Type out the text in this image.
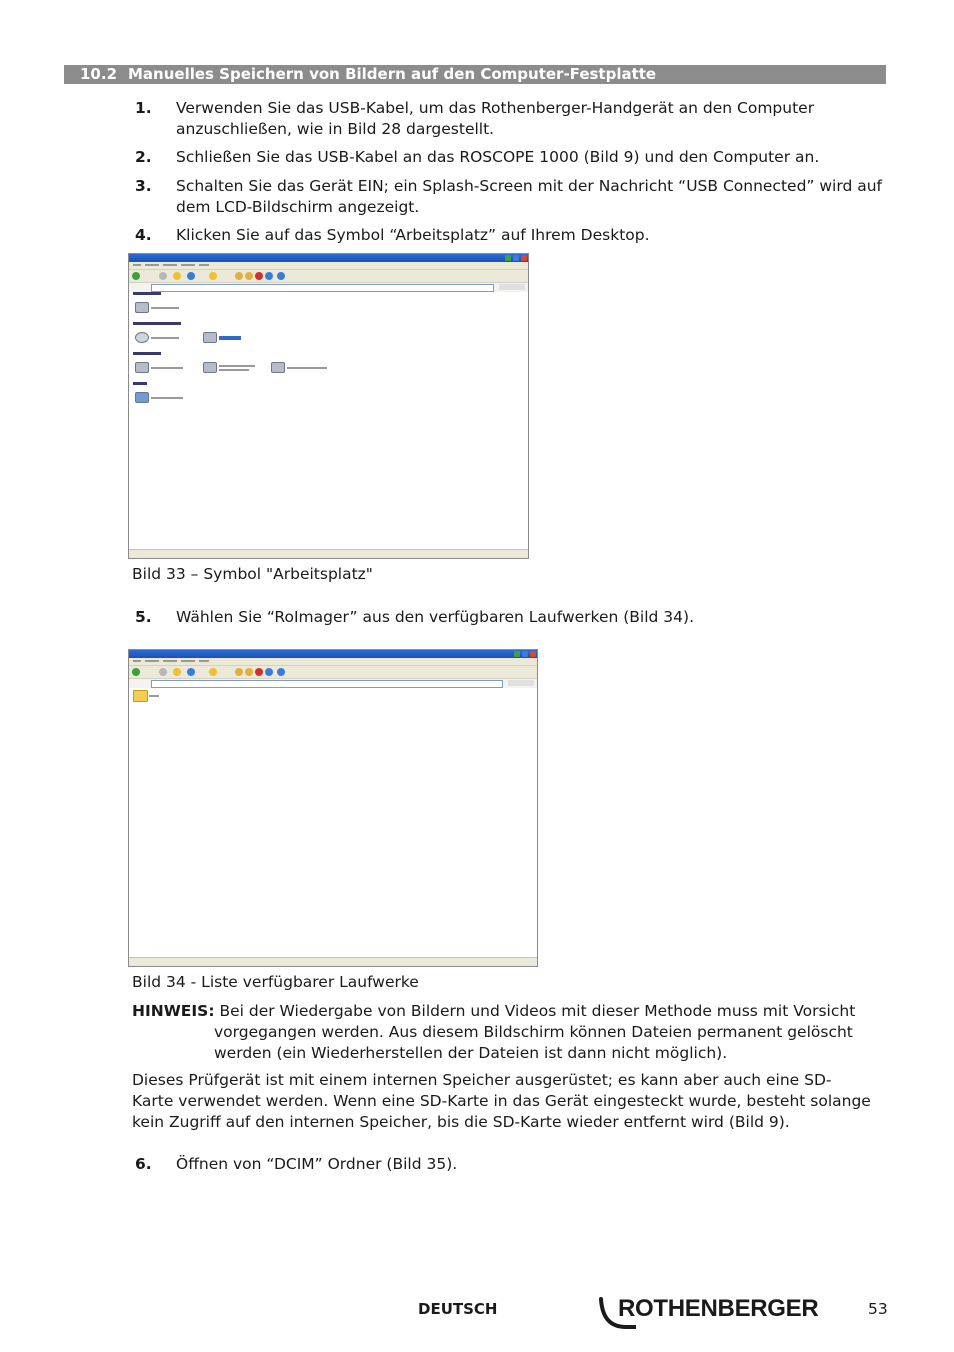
10.2 Manuelles Speichern von Bildern auf den Computer-Festplatte
1. Verwenden Sie das USB-Kabel, um das Rothenberger-Handgerät an den Computer anzuschließen, wie in Bild 28 dargestellt.
2. Schließen Sie das USB-Kabel an das ROSCOPE 1000 (Bild 9) und den Computer an.
3. Schalten Sie das Gerät EIN; ein Splash-Screen mit der Nachricht “USB Connected” wird auf dem LCD-Bildschirm angezeigt.
4. Klicken Sie auf das Symbol “Arbeitsplatz” auf Ihrem Desktop.
Bild 33 – Symbol "Arbeitsplatz"
5. Wählen Sie “RoImager” aus den verfügbaren Laufwerken (Bild 34).
Bild 34 - Liste verfügbarer Laufwerke
HINWEIS: Bei der Wiedergabe von Bildern und Videos mit dieser Methode muss mit Vorsicht
vorgegangen werden. Aus diesem Bildschirm können Dateien permanent gelöscht werden (ein Wiederherstellen der Dateien ist dann nicht möglich).
Dieses Prüfgerät ist mit einem internen Speicher ausgerüstet; es kann aber auch eine SD-Karte verwendet werden. Wenn eine SD-Karte in das Gerät eingesteckt wurde, besteht solange kein Zugriff auf den internen Speicher, bis die SD-Karte wieder entfernt wird (Bild 9).
6. Öffnen von “DCIM” Ordner (Bild 35).
DEUTSCH	ROTHENBERGER	53
